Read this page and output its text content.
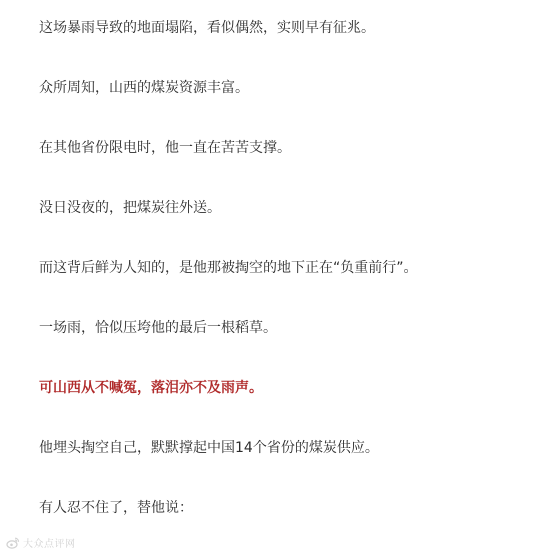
这场暴雨导致的地面塌陷，看似偶然，实则早有征兆。

众所周知，山西的煤炭资源丰富。

在其他省份限电时，他一直在苦苦支撑。

没日没夜的，把煤炭往外送。

而这背后鲜为人知的，是他那被掏空的地下正在“负重前行”。

一场雨，恰似压垮他的最后一根稻草。

可山西从不喊冤，落泪亦不及雨声。

他埋头掏空自己，默默撑起中国14个省份的煤炭供应。

有人忍不住了，替他说：

大众点评网
